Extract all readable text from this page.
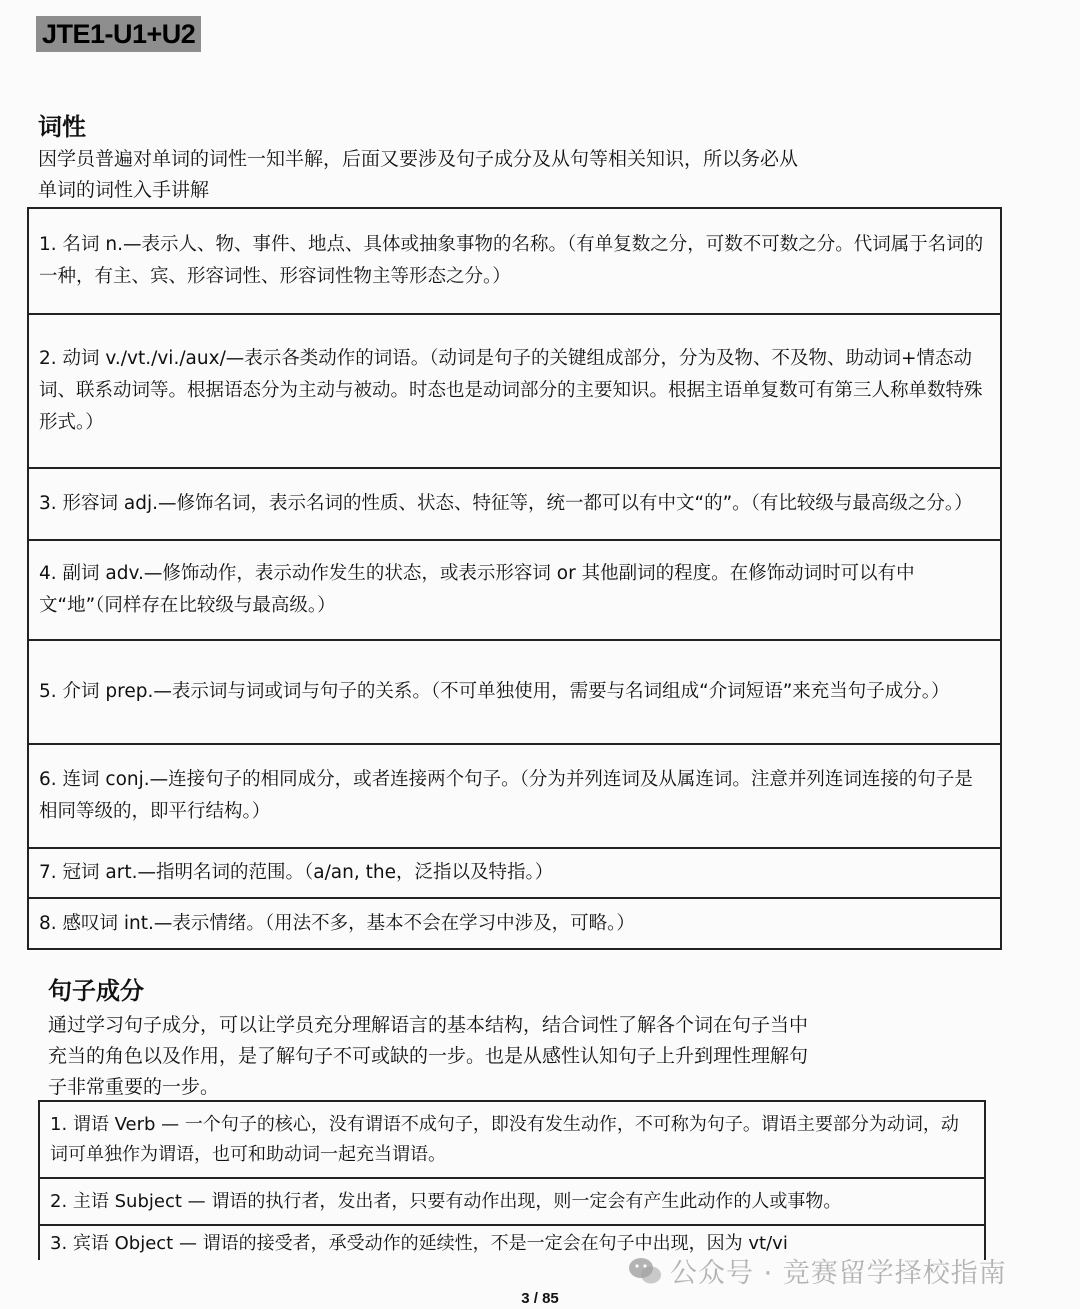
JTE1-U1+U2
词性
因学员普遍对单词的词性一知半解，后面又要涉及句子成分及从句等相关知识，所以务必从
单词的词性入手讲解
1. 名词 n.—表示人、物、事件、地点、具体或抽象事物的名称。（有单复数之分，可数不可数之分。代词属于名词的一种，有主、宾、形容词性、形容词性物主等形态之分。）
2. 动词 v./vt./vi./aux/—表示各类动作的词语。（动词是句子的关键组成部分，分为及物、不及物、助动词+情态动词、联系动词等。根据语态分为主动与被动。时态也是动词部分的主要知识。根据主语单复数可有第三人称单数特殊形式。）
3. 形容词 adj.—修饰名词，表示名词的性质、状态、特征等，统一都可以有中文“的”。（有比较级与最高级之分。）
4. 副词 adv.—修饰动作，表示动作发生的状态，或表示形容词 or 其他副词的程度。在修饰动词时可以有中文“地”（同样存在比较级与最高级。）
5. 介词 prep.—表示词与词或词与句子的关系。（不可单独使用，需要与名词组成“介词短语”来充当句子成分。）
6. 连词 conj.—连接句子的相同成分，或者连接两个句子。（分为并列连词及从属连词。注意并列连词连接的句子是相同等级的，即平行结构。）
7. 冠词 art.—指明名词的范围。（a/an, the，泛指以及特指。）
8. 感叹词 int.—表示情绪。（用法不多，基本不会在学习中涉及，可略。）
句子成分
通过学习句子成分，可以让学员充分理解语言的基本结构，结合词性了解各个词在句子当中
充当的角色以及作用，是了解句子不可或缺的一步。也是从感性认知句子上升到理性理解句
子非常重要的一步。
1. 谓语 Verb — 一个句子的核心，没有谓语不成句子，即没有发生动作，不可称为句子。谓语主要部分为动词，动词可单独作为谓语，也可和助动词一起充当谓语。
2. 主语 Subject — 谓语的执行者，发出者，只要有动作出现，则一定会有产生此动作的人或事物。
3. 宾语 Object — 谓语的接受者，承受动作的延续性，不是一定会在句子中出现，因为 vt/vi
公众号 · 竞赛留学择校指南
3 / 85
